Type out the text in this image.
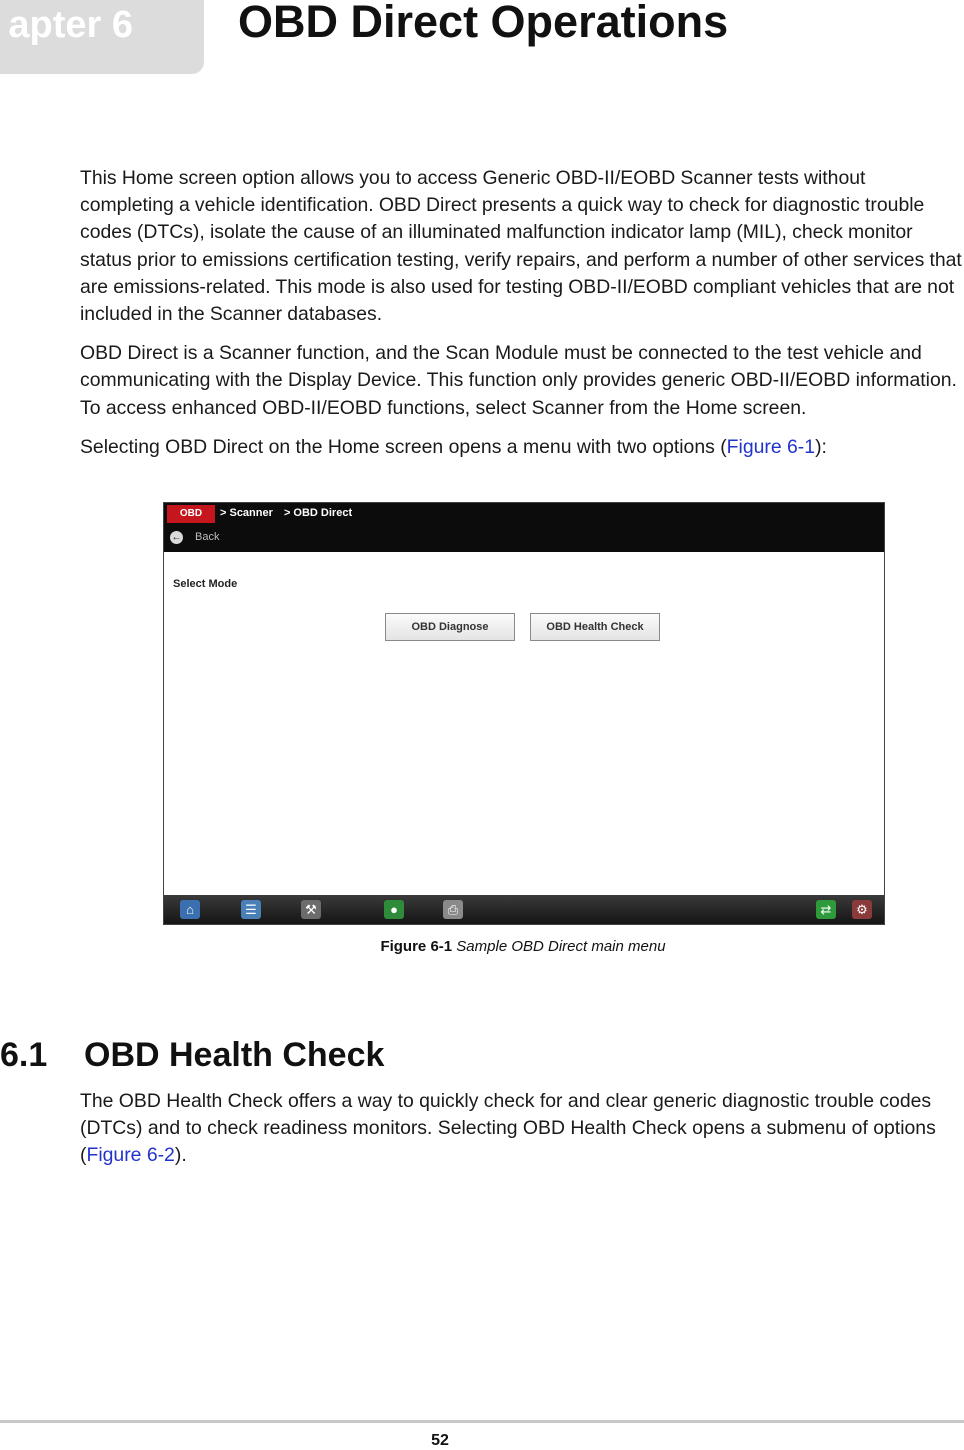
apter 6 OBD Direct Operations

This Home screen option allows you to access Generic OBD-II/EOBD Scanner tests without completing a vehicle identification. OBD Direct presents a quick way to check for diagnostic trouble codes (DTCs), isolate the cause of an illuminated malfunction indicator lamp (MIL), check monitor status prior to emissions certification testing, verify repairs, and perform a number of other services that are emissions-related. This mode is also used for testing OBD-II/EOBD compliant vehicles that are not included in the Scanner databases.

OBD Direct is a Scanner function, and the Scan Module must be connected to the test vehicle and communicating with the Display Device. This function only provides generic OBD-II/EOBD information. To access enhanced OBD-II/EOBD functions, select Scanner from the Home screen.

Selecting OBD Direct on the Home screen opens a menu with two options (Figure 6-1):

OBD	> Scanner > OBD Direct
← Back
Select Mode
OBD Diagnose	OBD Health Check
⌂	☰	⚒	●	⎙	⇄	⚙
Figure 6-1 Sample OBD Direct main menu
6.1 OBD Health Check

The OBD Health Check offers a way to quickly check for and clear generic diagnostic trouble codes (DTCs) and to check readiness monitors. Selecting OBD Health Check opens a submenu of options (Figure 6-2).

52
